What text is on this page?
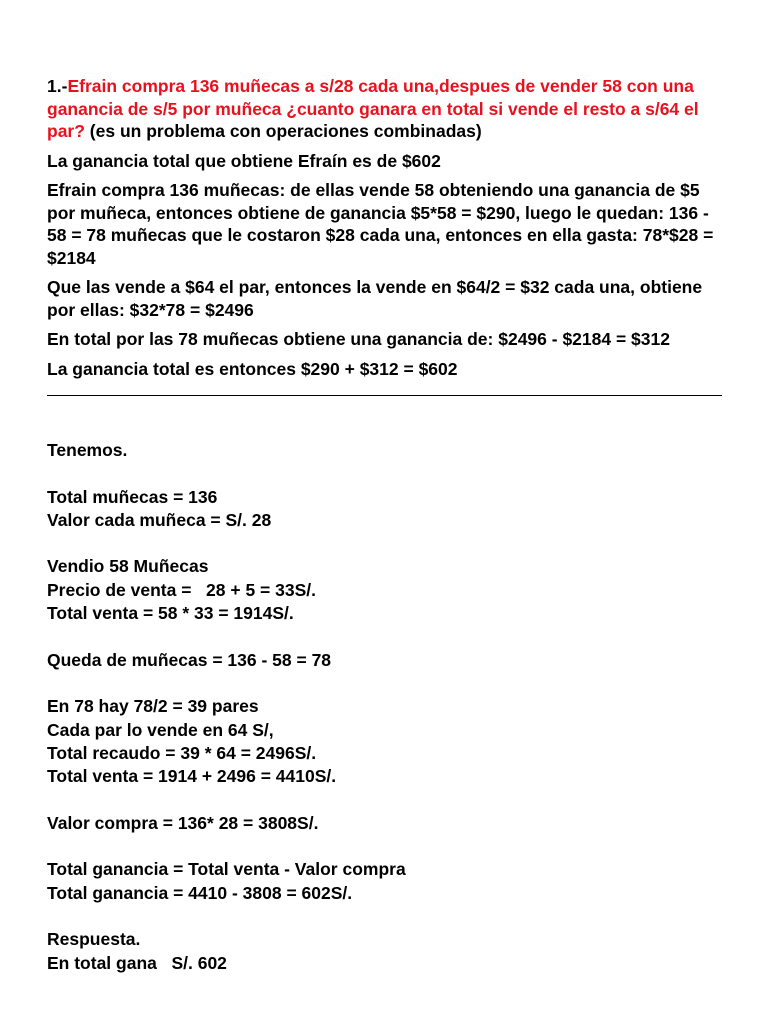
1.-Efrain compra 136 muñecas a s/28 cada una,despues de vender 58 con una ganancia de s/5 por muñeca ¿cuanto ganara en total si vende el resto a s/64 el par? (es un problema con operaciones combinadas)

La ganancia total que obtiene Efraín es de $602

Efrain compra 136 muñecas: de ellas vende 58 obteniendo una ganancia de $5 por muñeca, entonces obtiene de ganancia $5*58 = $290, luego le quedan: 136 - 58 = 78 muñecas que le costaron $28 cada una, entonces en ella gasta: 78*$28 = $2184

Que las vende a $64 el par, entonces la vende en $64/2 = $32 cada una, obtiene por ellas: $32*78 = $2496

En total por las 78 muñecas obtiene una ganancia de: $2496 - $2184 = $312

La ganancia total es entonces $290 + $312 = $602

Tenemos.
Total muñecas = 136
Valor cada muñeca = S/. 28
Vendio 58 Muñecas
Precio de venta =   28 + 5 = 33S/.
Total venta = 58 * 33 = 1914S/.
Queda de muñecas = 136 - 58 = 78
En 78 hay 78/2 = 39 pares
Cada par lo vende en 64 S/,
Total recaudo = 39 * 64 = 2496S/.
Total venta = 1914 + 2496 = 4410S/.
Valor compra = 136* 28 = 3808S/.
Total ganancia = Total venta - Valor compra
Total ganancia = 4410 - 3808 = 602S/.
Respuesta.
En total gana   S/. 602
